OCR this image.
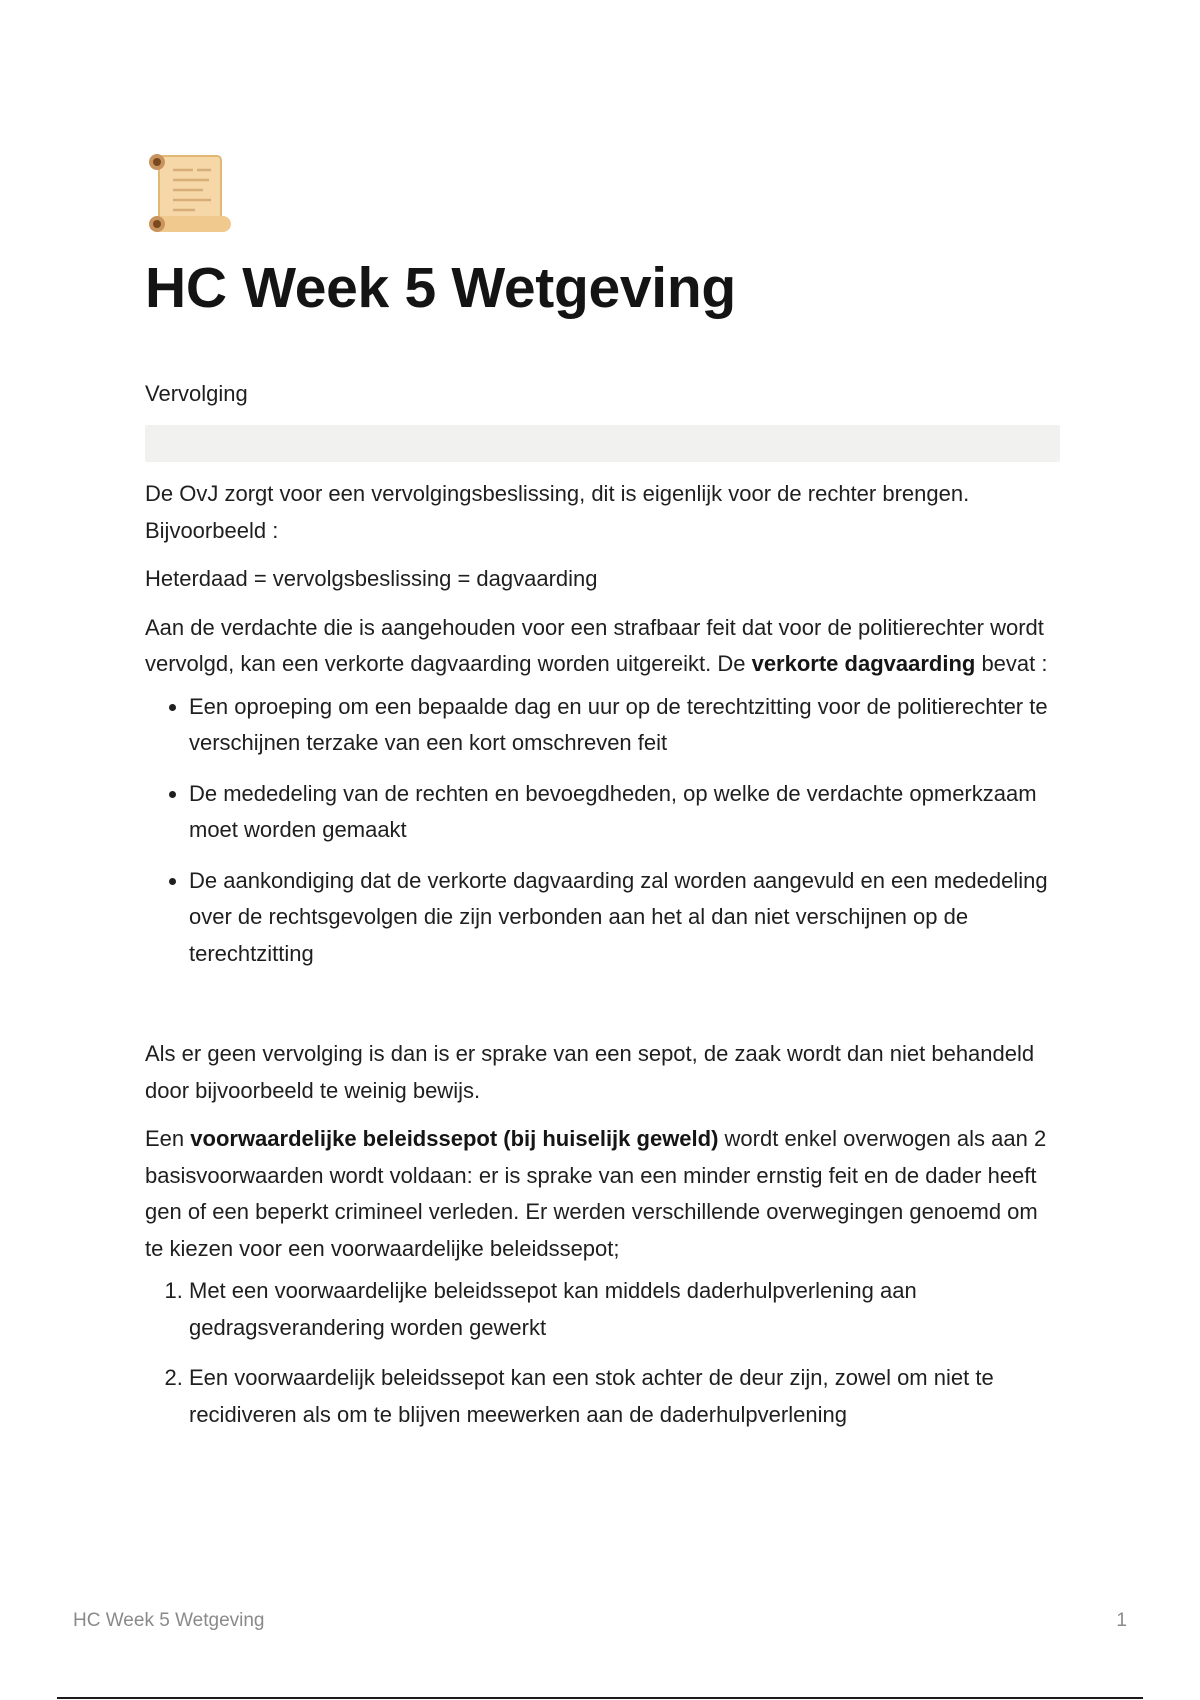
HC Week 5 Wetgeving
Vervolging

De OvJ zorgt voor een vervolgingsbeslissing, dit is eigenlijk voor de rechter brengen. Bijvoorbeeld :

Heterdaad = vervolgsbeslissing = dagvaarding

Aan de verdachte die is aangehouden voor een strafbaar feit dat voor de politierechter wordt vervolgd, kan een verkorte dagvaarding worden uitgereikt. De verkorte dagvaarding bevat :

• Een oproeping om een bepaalde dag en uur op de terechtzitting voor de politierechter te verschijnen terzake van een kort omschreven feit
• De mededeling van de rechten en bevoegdheden, op welke de verdachte opmerkzaam moet worden gemaakt
• De aankondiging dat de verkorte dagvaarding zal worden aangevuld en een mededeling over de rechtsgevolgen die zijn verbonden aan het al dan niet verschijnen op de terechtzitting

Als er geen vervolging is dan is er sprake van een sepot, de zaak wordt dan niet behandeld door bijvoorbeeld te weinig bewijs.

Een voorwaardelijke beleidssepot (bij huiselijk geweld) wordt enkel overwogen als aan 2 basisvoorwaarden wordt voldaan: er is sprake van een minder ernstig feit en de dader heeft gen of een beperkt crimineel verleden. Er werden verschillende overwegingen genoemd om te kiezen voor een voorwaardelijke beleidssepot;

1. Met een voorwaardelijke beleidssepot kan middels daderhulpverlening aan gedragsverandering worden gewerkt
2. Een voorwaardelijk beleidssepot kan een stok achter de deur zijn, zowel om niet te recidiveren als om te blijven meewerken aan de daderhulpverlening
HC Week 5 Wetgeving	1
